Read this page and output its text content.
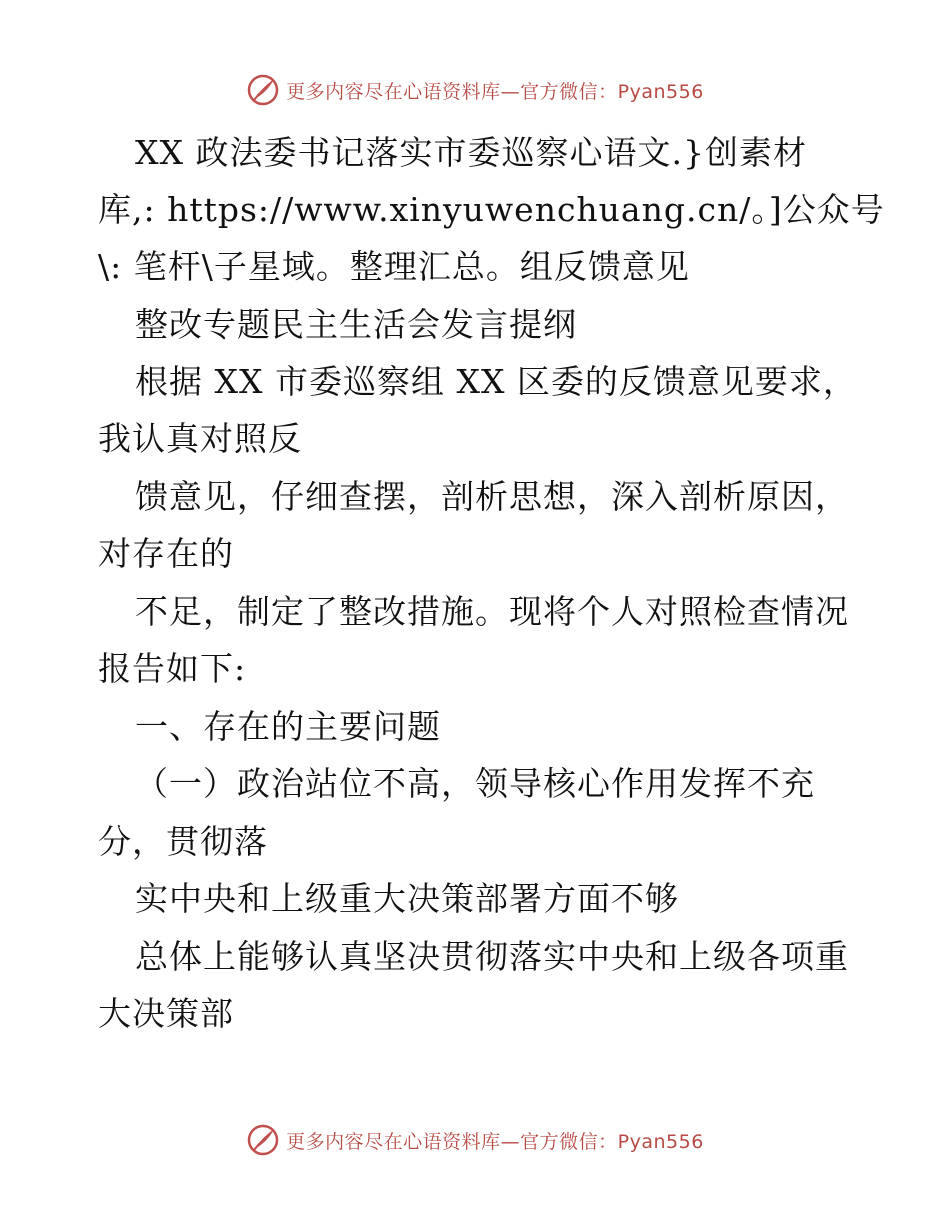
更多内容尽在心语资料库—官方微信：Pyan556
XX 政法委书记落实市委巡察心语文.}创素材
库,: https://www.xinyuwenchuang.cn/。]公众号
\: 笔杆\子星域。整理汇总。组反馈意见
整改专题民主生活会发言提纲
根据 XX 市委巡察组 XX 区委的反馈意见要求，
我认真对照反
馈意见，仔细查摆，剖析思想，深入剖析原因，
对存在的
不足，制定了整改措施。现将个人对照检查情况
报告如下:
一、存在的主要问题
（一）政治站位不高，领导核心作用发挥不充
分，贯彻落
实中央和上级重大决策部署方面不够
总体上能够认真坚决贯彻落实中央和上级各项重
大决策部
更多内容尽在心语资料库—官方微信：Pyan556
